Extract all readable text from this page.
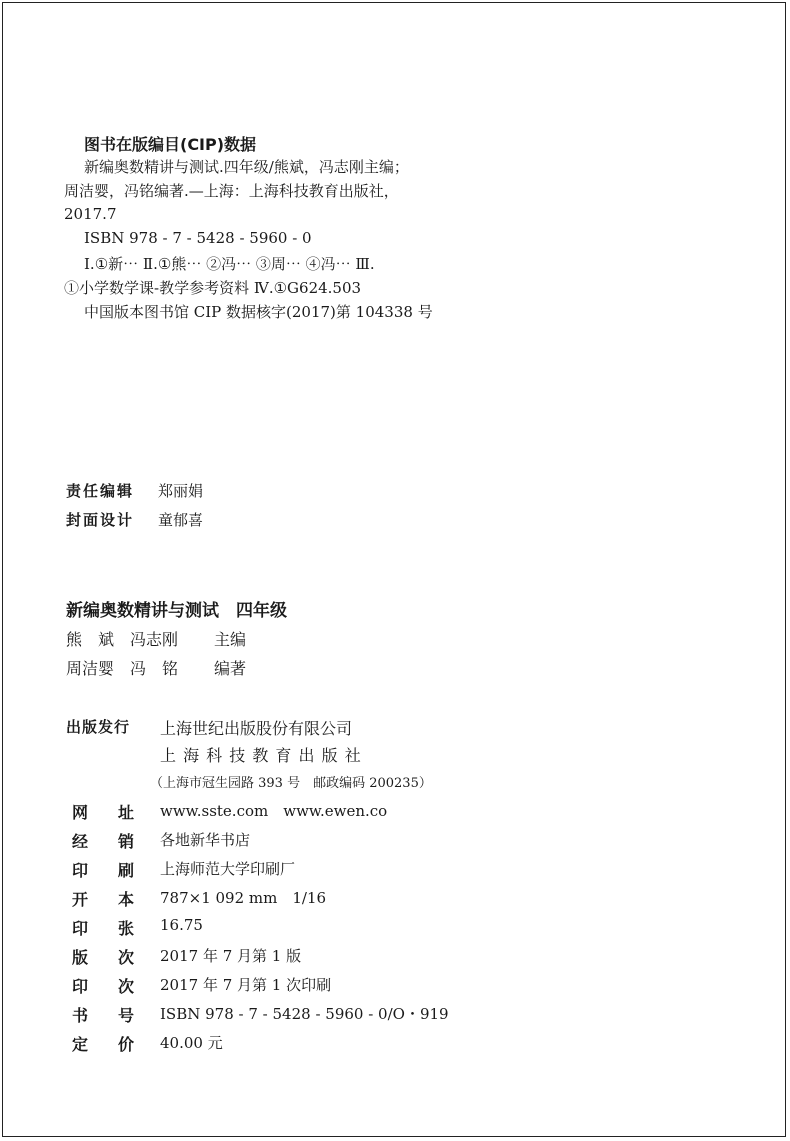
图书在版编目(CIP)数据
新编奥数精讲与测试.四年级/熊斌，冯志刚主编；
周洁婴，冯铭编著.—上海：上海科技教育出版社，
2017.7
ISBN 978 - 7 - 5428 - 5960 - 0
Ⅰ.①新⋯ Ⅱ.①熊⋯ ②冯⋯ ③周⋯ ④冯⋯ Ⅲ.
①小学数学课-教学参考资料 Ⅳ.①G624.503
中国版本图书馆 CIP 数据核字(2017)第 104338 号
责任编辑 郑丽娟
封面设计 童郁喜
新编奥数精讲与测试　四年级
熊　斌　冯志刚 主编
周洁婴　冯　铭 编著
出版发行 上海世纪出版股份有限公司
上 海 科 技 教 育 出 版 社
（上海市冠生园路 393 号　邮政编码 200235）
网 址 www.sste.com　www.ewen.co
经 销 各地新华书店
印 刷 上海师范大学印刷厂
开 本 787×1 092 mm　1/16
印 张 16.75
版 次 2017 年 7 月第 1 版
印 次 2017 年 7 月第 1 次印刷
书 号 ISBN 978 - 7 - 5428 - 5960 - 0/O・919
定 价 40.00 元
